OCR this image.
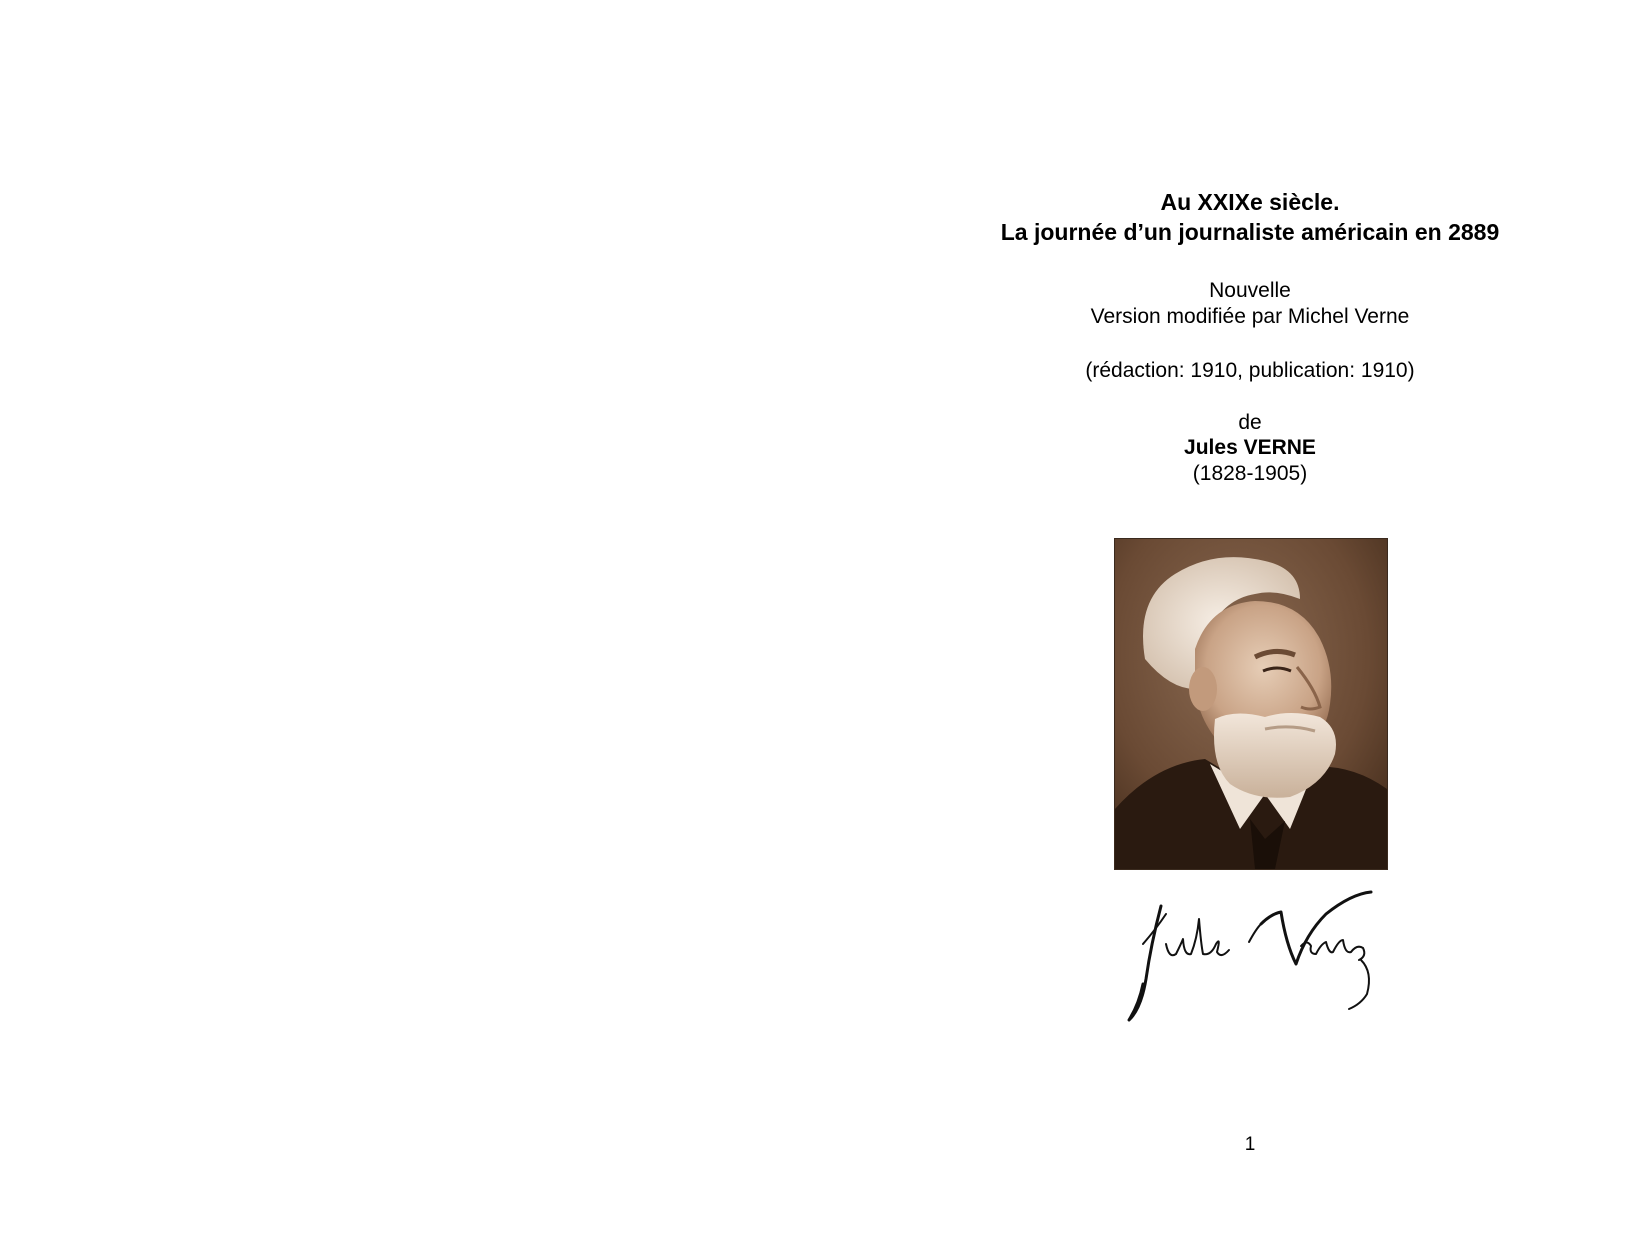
Au XXIXe siècle.
La journée d’un journaliste américain en 2889
Nouvelle
Version modifiée par Michel Verne
(rédaction: 1910, publication: 1910)
de
Jules VERNE
(1828-1905)
1
